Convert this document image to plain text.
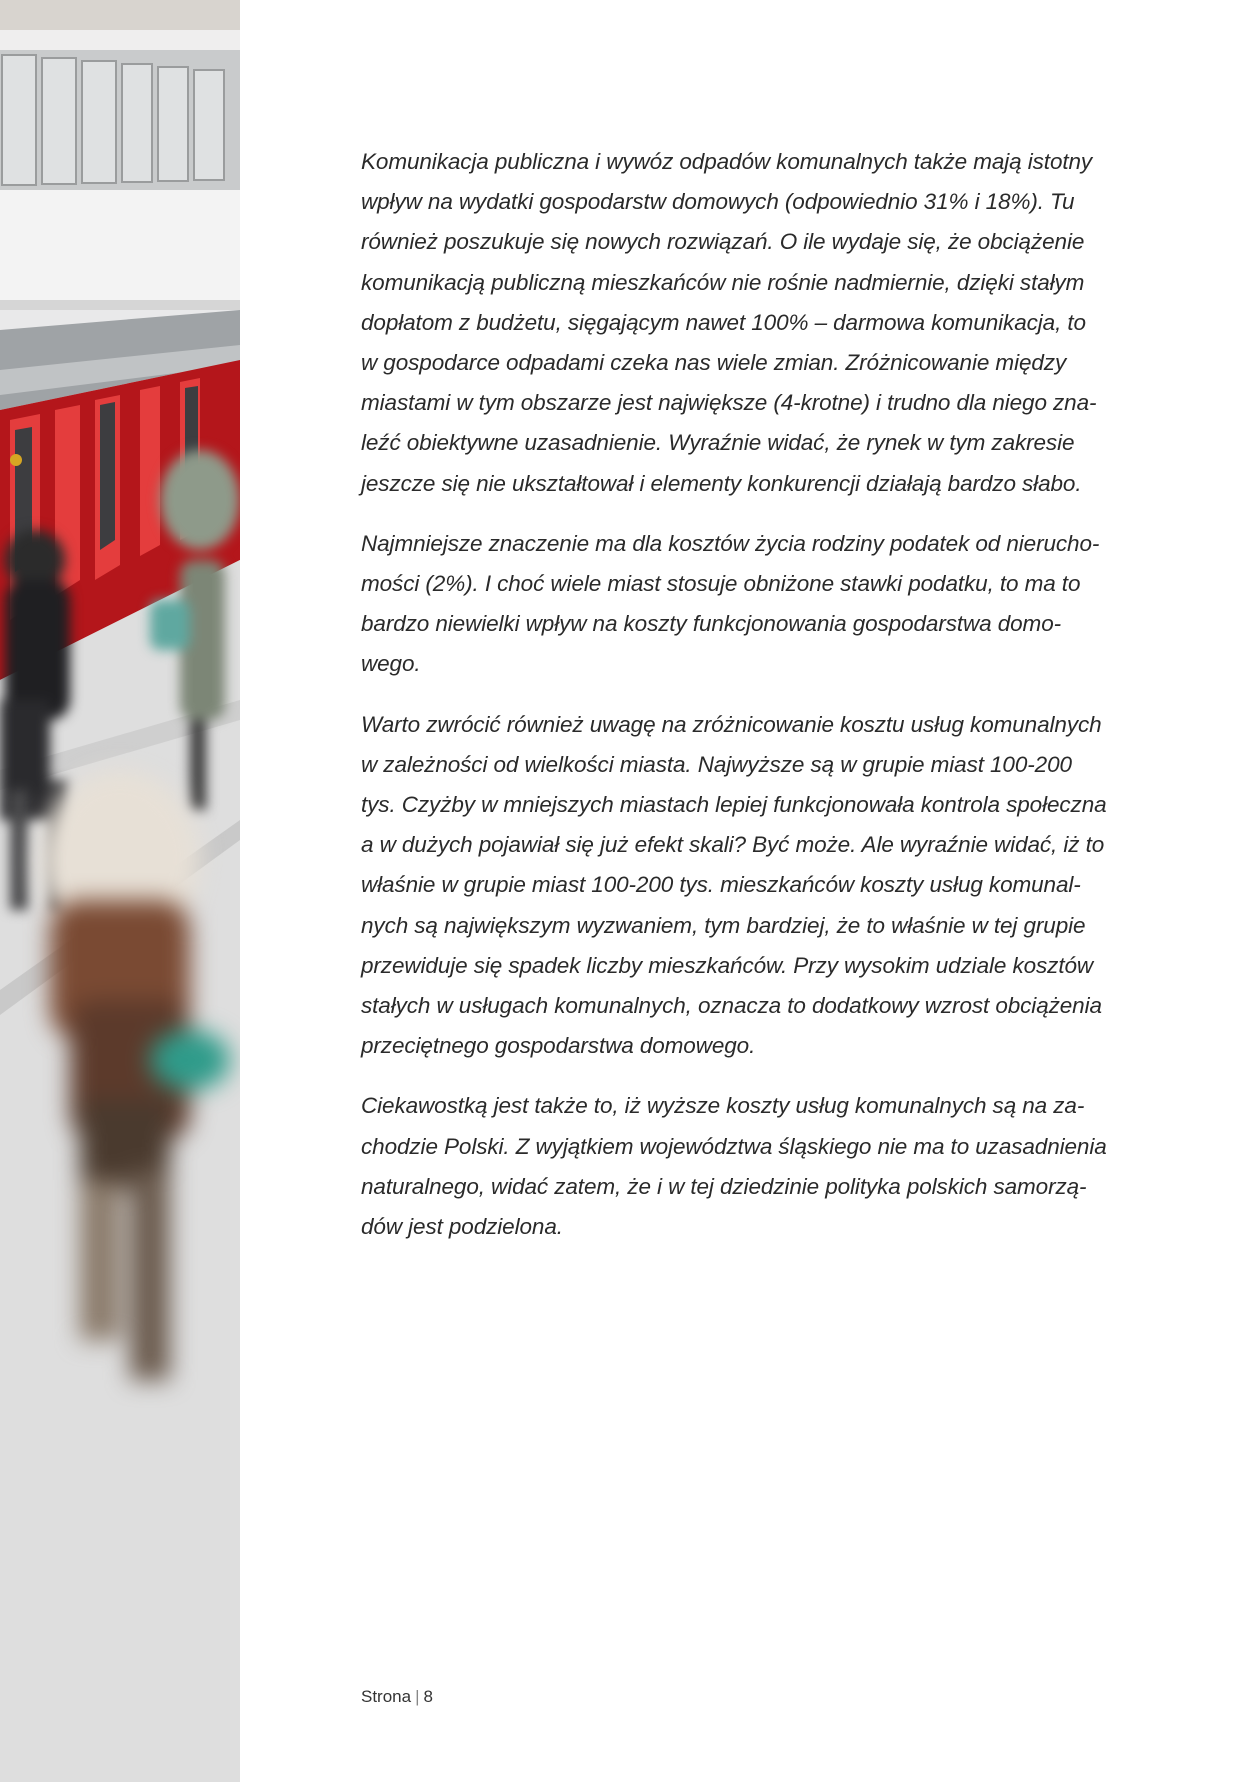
Komunikacja publiczna i wywóz odpadów komunalnych także mają istotny
wpływ na wydatki gospodarstw domowych (odpowiednio 31% i 18%). Tu
również poszukuje się nowych rozwiązań. O ile wydaje się, że obciążenie
komunikacją publiczną mieszkańców nie rośnie nadmiernie, dzięki stałym
dopłatom z budżetu, sięgającym nawet 100% – darmowa komunikacja, to
w gospodarce odpadami czeka nas wiele zmian. Zróżnicowanie między
miastami w tym obszarze jest największe (4-krotne) i trudno dla niego zna-
leźć obiektywne uzasadnienie. Wyraźnie widać, że rynek w tym zakresie
jeszcze się nie ukształtował i elementy konkurencji działają bardzo słabo.

Najmniejsze znaczenie ma dla kosztów życia rodziny podatek od nierucho-
mości (2%). I choć wiele miast stosuje obniżone stawki podatku, to ma to
bardzo niewielki wpływ na koszty funkcjonowania gospodarstwa domo-
wego.

Warto zwrócić również uwagę na zróżnicowanie kosztu usług komunalnych
w zależności od wielkości miasta. Najwyższe są w grupie miast 100-200
tys. Czyżby w mniejszych miastach lepiej funkcjonowała kontrola społeczna
a w dużych pojawiał się już efekt skali? Być może. Ale wyraźnie widać, iż to
właśnie w grupie miast 100-200 tys. mieszkańców koszty usług komunal-
nych są największym wyzwaniem, tym bardziej, że to właśnie w tej grupie
przewiduje się spadek liczby mieszkańców. Przy wysokim udziale kosztów
stałych w usługach komunalnych, oznacza to dodatkowy wzrost obciążenia
przeciętnego gospodarstwa domowego.

Ciekawostką jest także to, iż wyższe koszty usług komunalnych są na za-
chodzie Polski. Z wyjątkiem województwa śląskiego nie ma to uzasadnienia
naturalnego, widać zatem, że i w tej dziedzinie polityka polskich samorzą-
dów jest podzielona.

Strona | 8
